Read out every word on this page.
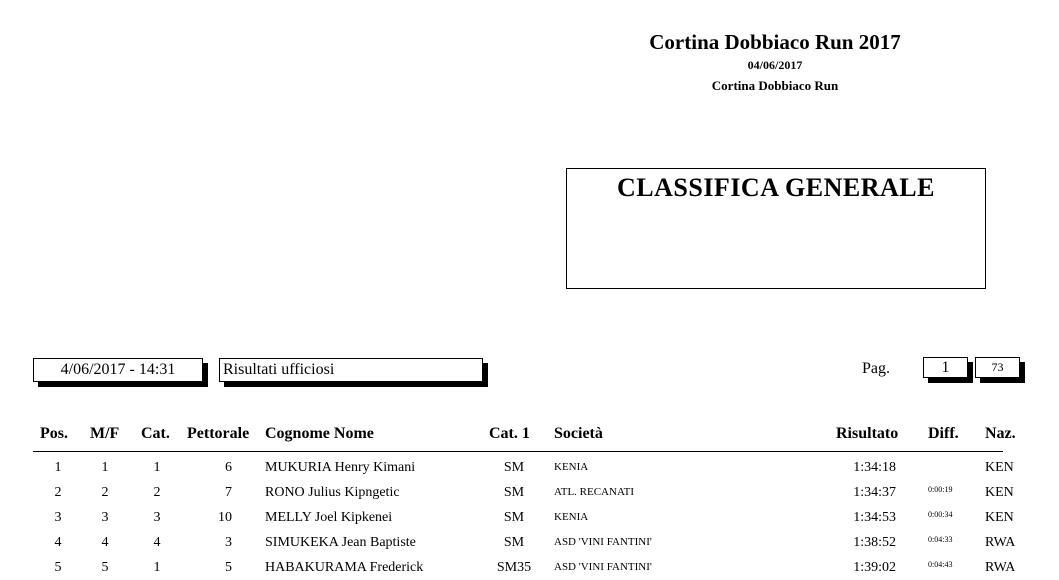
Cortina Dobbiaco Run 2017
04/06/2017
Cortina Dobbiaco Run
CLASSIFICA GENERALE
4/06/2017 - 14:31	Risultati ufficiosi	Pag.	1	73
Pos. M/F Cat. Pettorale Cognome Nome	Cat. 1 Società	Risultato Diff. Naz.
1	1	1	6 MUKURIA Henry Kimani	SM	KENIA	1:34:18	KEN
2	2	2	7 RONO Julius Kipngetic	SM	ATL. RECANATI	1:34:37	0:00:19 KEN
3	3	3	10 MELLY Joel Kipkenei	SM	KENIA	1:34:53	0:00:34 KEN
4	4	4	3 SIMUKEKA Jean Baptiste	SM	ASD 'VINI FANTINI'	1:38:52	0:04:33 RWA
5	5	1	5 HABAKURAMA Frederick	SM35	ASD 'VINI FANTINI'	1:39:02	0:04:43 RWA
